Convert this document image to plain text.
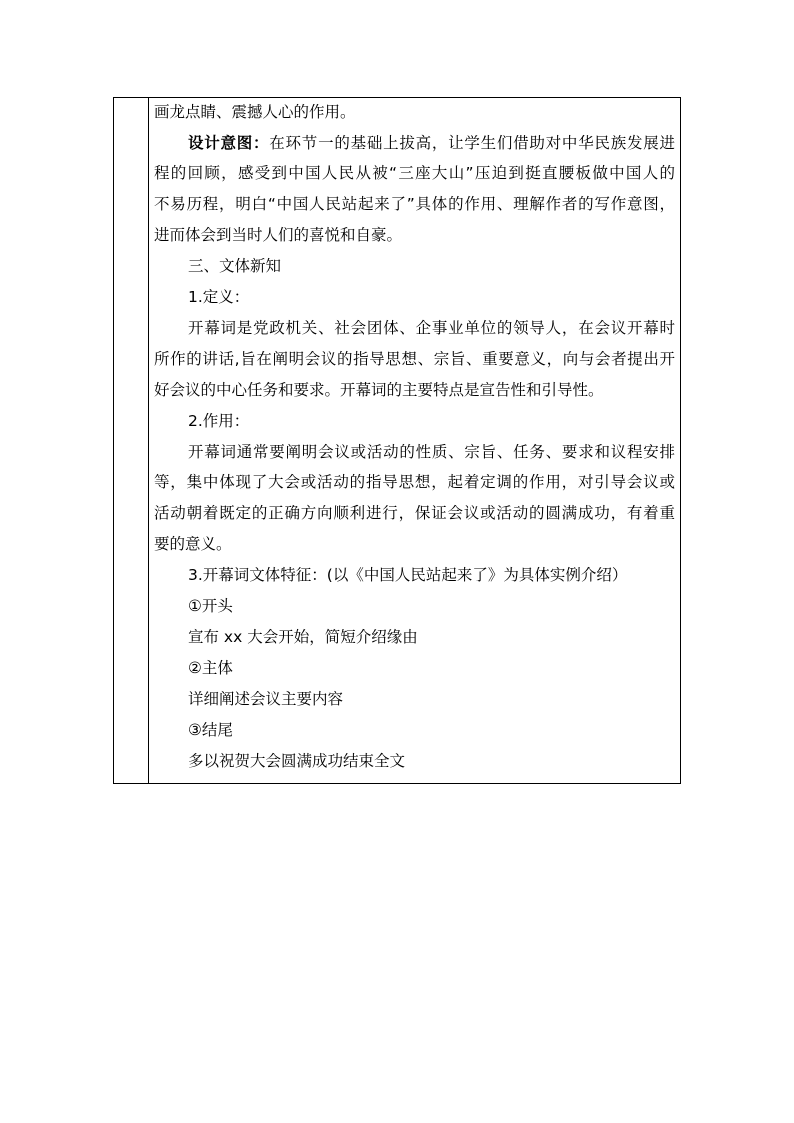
画龙点睛、震撼人心的作用。
设计意图：在环节一的基础上拔高，让学生们借助对中华民族发展进
程的回顾，感受到中国人民从被“三座大山”压迫到挺直腰板做中国人的
不易历程，明白“中国人民站起来了”具体的作用、理解作者的写作意图，
进而体会到当时人们的喜悦和自豪。
三、文体新知
1.定义：
开幕词是党政机关、社会团体、企事业单位的领导人，在会议开幕时
所作的讲话,旨在阐明会议的指导思想、宗旨、重要意义，向与会者提出开
好会议的中心任务和要求。开幕词的主要特点是宣告性和引导性。
2.作用：
开幕词通常要阐明会议或活动的性质、宗旨、任务、要求和议程安排
等，集中体现了大会或活动的指导思想，起着定调的作用，对引导会议或
活动朝着既定的正确方向顺利进行，保证会议或活动的圆满成功，有着重
要的意义。
3.开幕词文体特征：(以《中国人民站起来了》为具体实例介绍）
①开头
宣布 xx 大会开始，简短介绍缘由
②主体
详细阐述会议主要内容
③结尾
多以祝贺大会圆满成功结束全文
